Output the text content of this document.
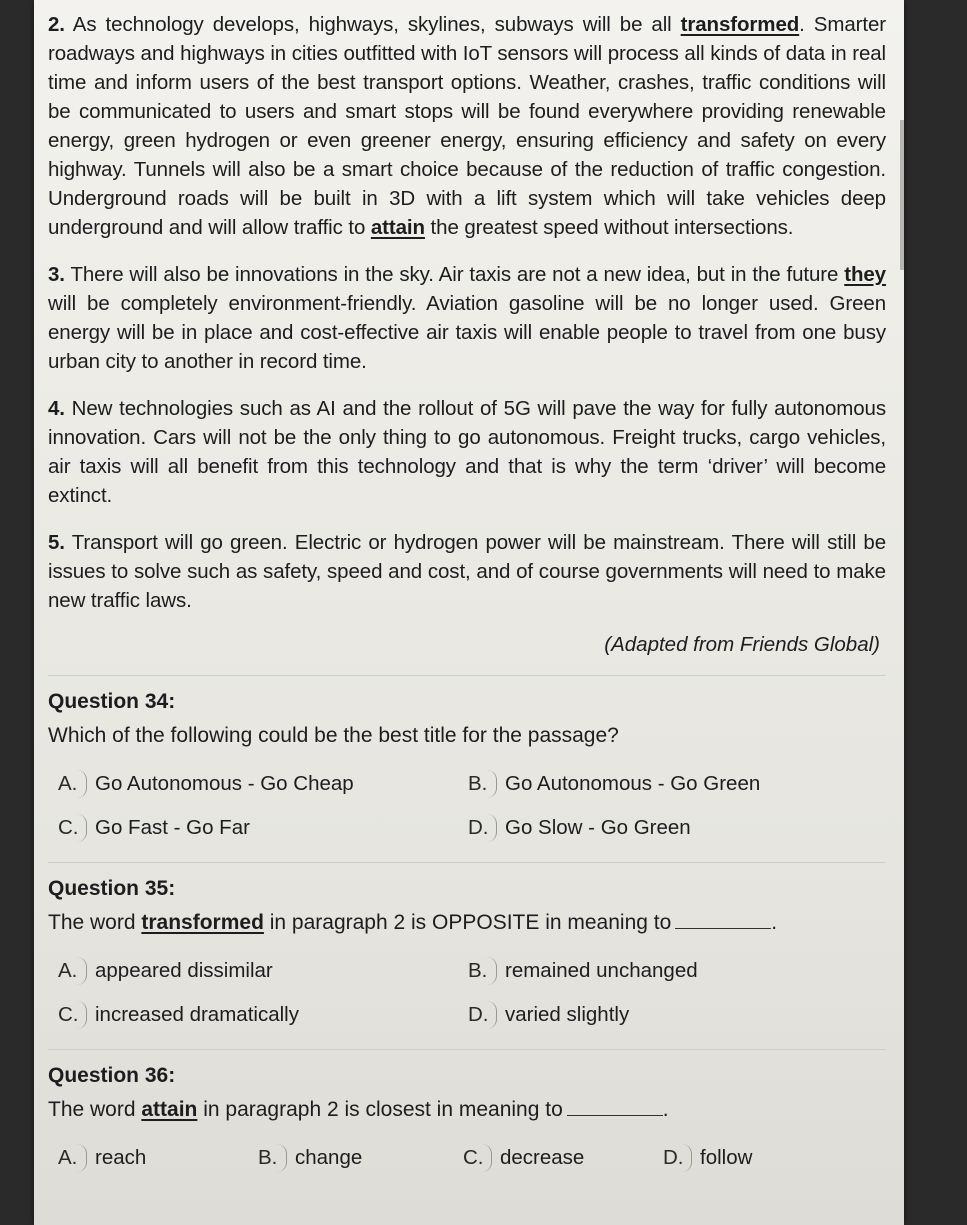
2. As technology develops, highways, skylines, subways will be all transformed. Smarter roadways and highways in cities outfitted with IoT sensors will process all kinds of data in real time and inform users of the best transport options. Weather, crashes, traffic conditions will be communicated to users and smart stops will be found everywhere providing renewable energy, green hydrogen or even greener energy, ensuring efficiency and safety on every highway. Tunnels will also be a smart choice because of the reduction of traffic congestion. Underground roads will be built in 3D with a lift system which will take vehicles deep underground and will allow traffic to attain the greatest speed without intersections.

3. There will also be innovations in the sky. Air taxis are not a new idea, but in the future they will be completely environment-friendly. Aviation gasoline will be no longer used. Green energy will be in place and cost-effective air taxis will enable people to travel from one busy urban city to another in record time.

4. New technologies such as AI and the rollout of 5G will pave the way for fully autonomous innovation. Cars will not be the only thing to go autonomous. Freight trucks, cargo vehicles, air taxis will all benefit from this technology and that is why the term ‘driver’ will become extinct.

5. Transport will go green. Electric or hydrogen power will be mainstream. There will still be issues to solve such as safety, speed and cost, and of course governments will need to make new traffic laws.

(Adapted from Friends Global)
Question 34:
Which of the following could be the best title for the passage?
A. Go Autonomous - Go Cheap	B. Go Autonomous - Go Green
C. Go Fast - Go Far	D. Go Slow - Go Green
Question 35:
The word transformed in paragraph 2 is OPPOSITE in meaning to	.
A. appeared dissimilar	B. remained unchanged
C. increased dramatically	D. varied slightly
Question 36:
The word attain in paragraph 2 is closest in meaning to	.
A. reach	B. change	C. decrease	D. follow
